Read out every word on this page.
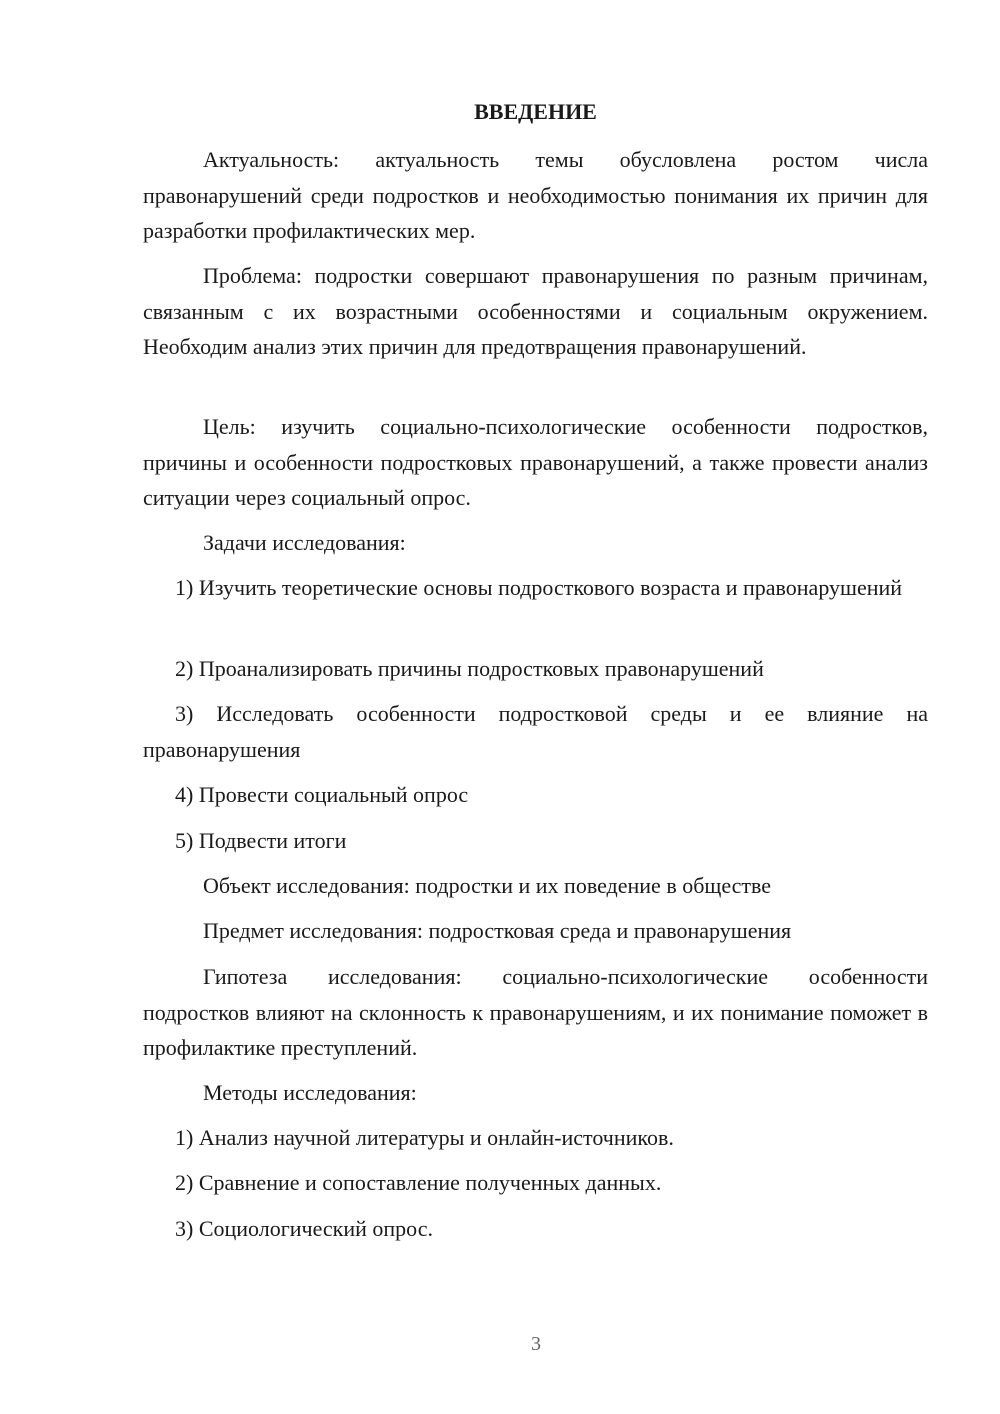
ВВЕДЕНИЕ

Актуальность: актуальность темы обусловлена ростом числа правонарушений среди подростков и необходимостью понимания их причин для разработки профилактических мер.

Проблема: подростки совершают правонарушения по разным причинам, связанным с их возрастными особенностями и социальным окружением. Необходим анализ этих причин для предотвращения правонарушений.

Цель: изучить социально-психологические особенности подростков, причины и особенности подростковых правонарушений, а также провести анализ ситуации через социальный опрос.

Задачи исследования:

1) Изучить теоретические основы подросткового возраста и правонарушений

2) Проанализировать причины подростковых правонарушений

3) Исследовать особенности подростковой среды и ее влияние на правонарушения

4) Провести социальный опрос

5) Подвести итоги

Объект исследования: подростки и их поведение в обществе

Предмет исследования: подростковая среда и правонарушения

Гипотеза исследования: социально-психологические особенности подростков влияют на склонность к правонарушениям, и их понимание поможет в профилактике преступлений.

Методы исследования:

1) Анализ научной литературы и онлайн-источников.

2) Сравнение и сопоставление полученных данных.

3) Социологический опрос.

3
